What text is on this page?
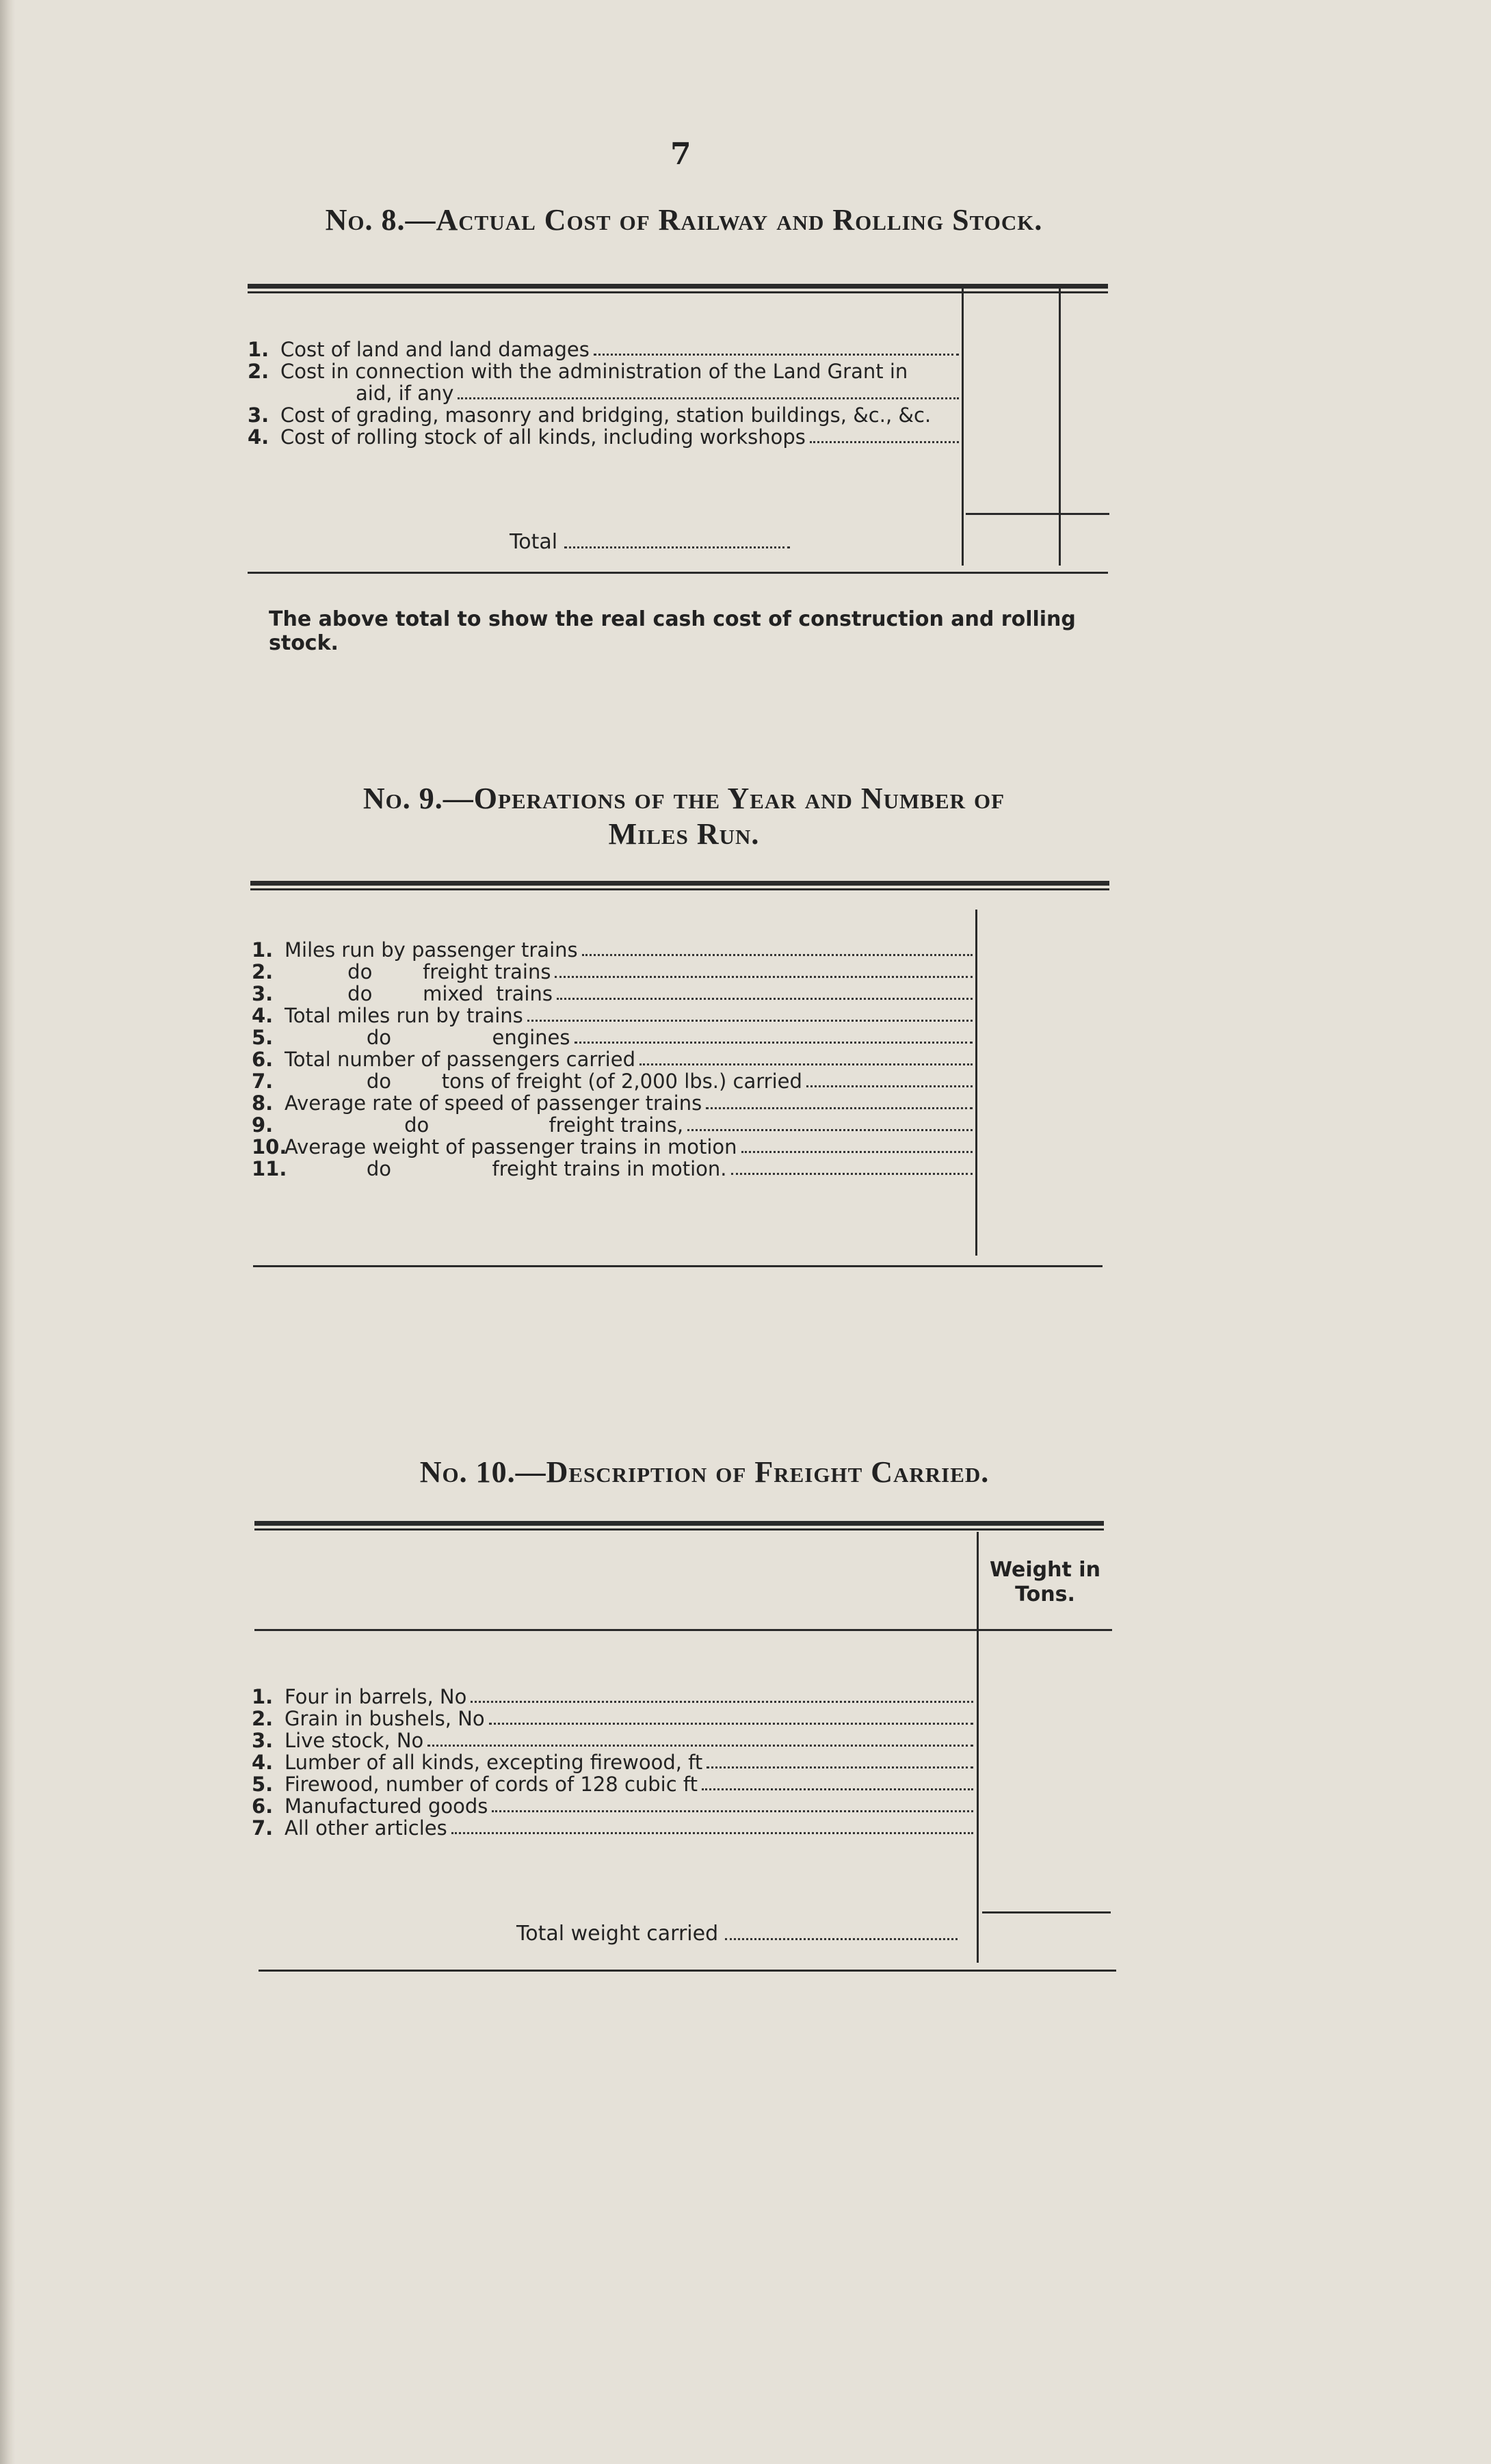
7
No. 8.—Actual Cost of Railway and Rolling Stock.
1. Cost of land and land damages
2. Cost in connection with the administration of the Land Grant in
aid, if any
3. Cost of grading, masonry and bridging, station buildings, &c., &c.
4. Cost of rolling stock of all kinds, including workshops
Total
The above total to show the real cash cost of construction and rolling stock.
No. 9.—Operations of the Year and Number of
Miles Run.
1. Miles run by passenger trains
2. do        freight trains
3. do        mixed  trains
4. Total miles run by trains
5. do                engines
6. Total number of passengers carried
7. do        tons of freight (of 2,000 lbs.) carried
8. Average rate of speed of passenger trains
9. do                   freight trains,
10.
Average weight of passenger trains in motion
11.
do                freight trains in motion.
No. 10.—Description of Freight Carried.
Weight in Tons.
1. Four in barrels, No
2. Grain in bushels, No
3. Live stock, No
4. Lumber of all kinds, excepting firewood, ft
5. Firewood, number of cords of 128 cubic ft
6. Manufactured goods
7. All other articles
Total weight carried
